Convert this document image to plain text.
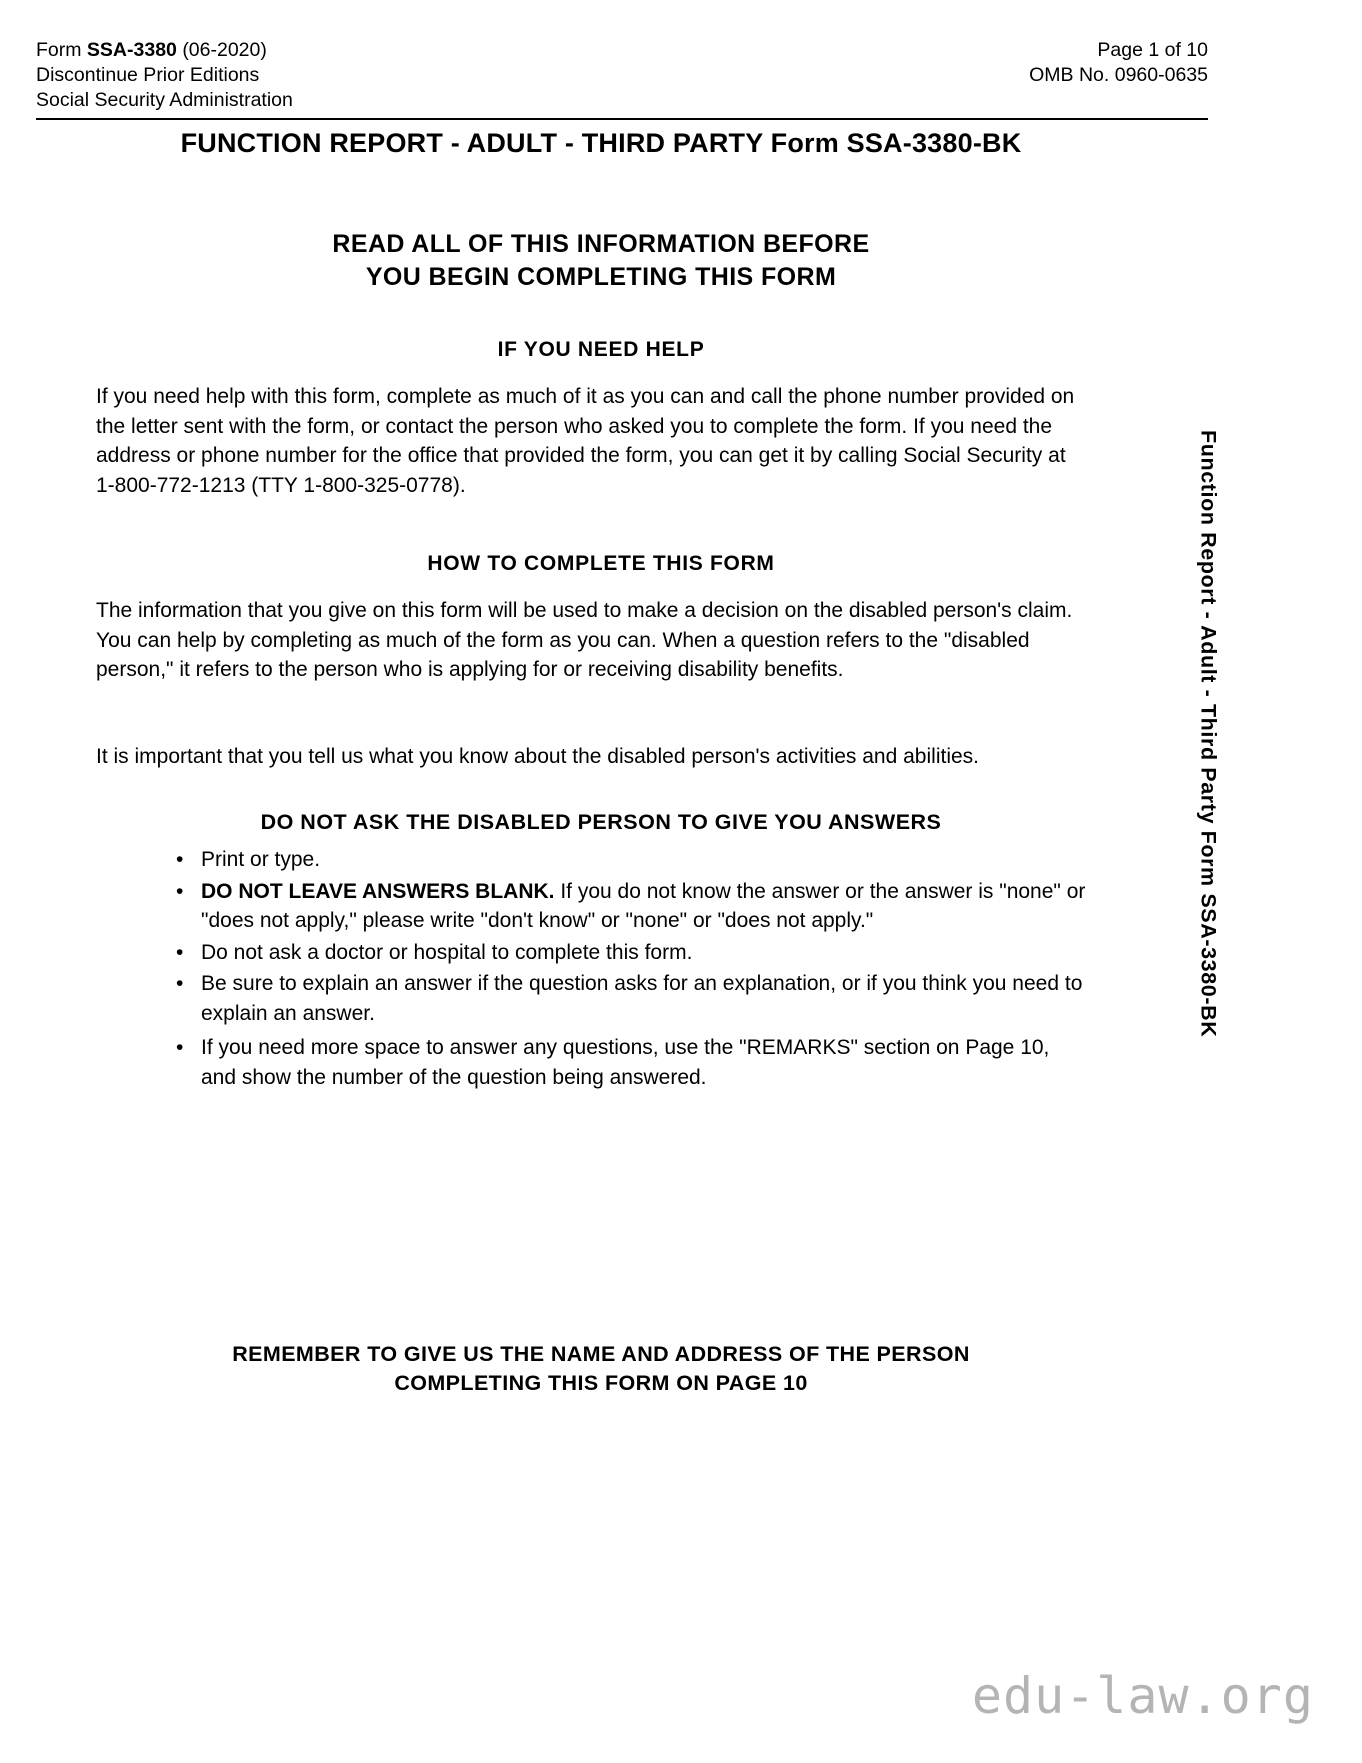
Form SSA-3380 (06-2020)
Discontinue Prior Editions
Social Security Administration
Page 1 of 10
OMB No. 0960-0635
FUNCTION REPORT - ADULT - THIRD PARTY Form SSA-3380-BK
READ ALL OF THIS INFORMATION BEFORE
YOU BEGIN COMPLETING THIS FORM
IF YOU NEED HELP
If you need help with this form, complete as much of it as you can and call the phone number provided on the letter sent with the form, or contact the person who asked you to complete the form. If you need the address or phone number for the office that provided the form, you can get it by calling Social Security at 1-800-772-1213 (TTY 1-800-325-0778).
HOW TO COMPLETE THIS FORM
The information that you give on this form will be used to make a decision on the disabled person's claim. You can help by completing as much of the form as you can. When a question refers to the "disabled person," it refers to the person who is applying for or receiving disability benefits.
It is important that you tell us what you know about the disabled person's activities and abilities.
DO NOT ASK THE DISABLED PERSON TO GIVE YOU ANSWERS
• Print or type.
• DO NOT LEAVE ANSWERS BLANK. If you do not know the answer or the answer is "none" or "does not apply," please write "don't know" or "none" or "does not apply."
• Do not ask a doctor or hospital to complete this form.
• Be sure to explain an answer if the question asks for an explanation, or if you think you need to explain an answer.
• If you need more space to answer any questions, use the "REMARKS" section on Page 10, and show the number of the question being answered.
REMEMBER TO GIVE US THE NAME AND ADDRESS OF THE PERSON
COMPLETING THIS FORM ON PAGE 10
Function Report - Adult - Third Party Form SSA-3380-BK
edu-law.org
